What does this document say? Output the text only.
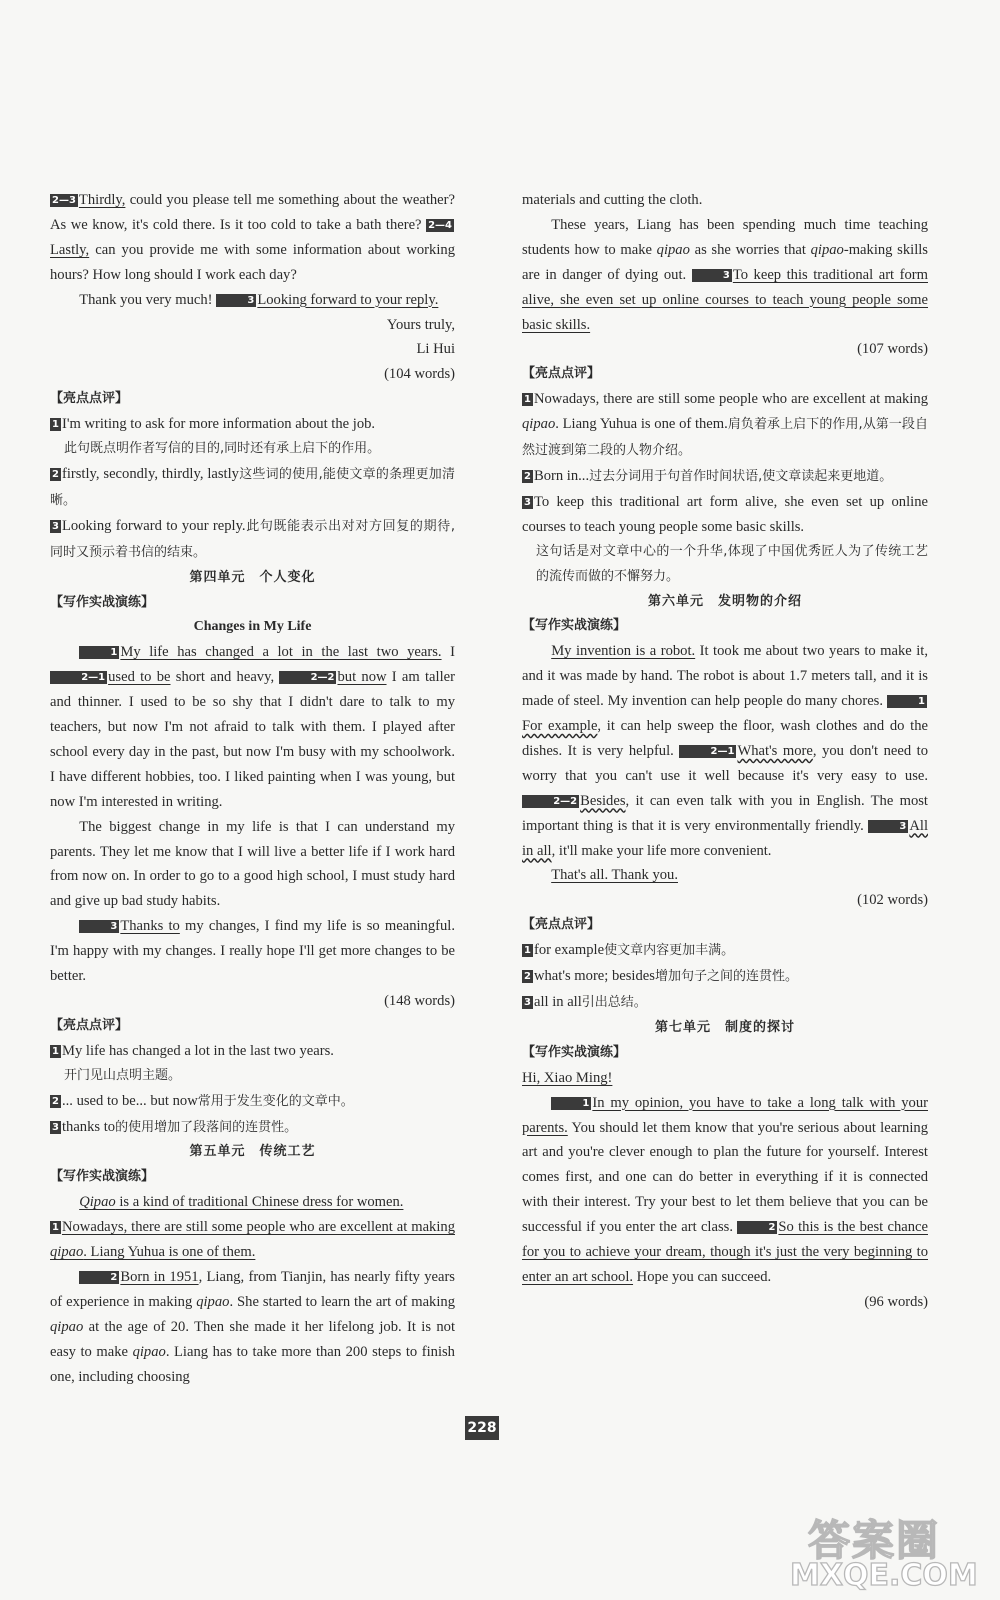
2—3 Thirdly, could you please tell me something about the weather? As we know, it's cold there. Is it too cold to take a bath there? 2—4Lastly, can you provide me with some information about working hours? How long should I work each day?

Thank you very much!	3 Looking forward to your reply.

Yours truly,

Li Hui

(104 words)

【亮点点评】

1 I'm writing to ask for more information about the job.

此句既点明作者写信的目的,同时还有承上启下的作用。

2 firstly, secondly, thirdly, lastly这些词的使用,能使文章的条理更加清晰。

3 Looking forward to your reply.此句既能表示出对对方回复的期待,同时又预示着书信的结束。

第四单元　个人变化

【写作实战演练】

Changes in My Life

1 My life has changed a lot in the last two years. I 2—1 used to be short and heavy,	2—2 but now I am taller and thinner. I used to be so shy that I didn't dare to talk to my teachers, but now I'm not afraid to talk with them. I played after school every day in the past, but now I'm busy with my schoolwork. I have different hobbies, too. I liked painting when I was young, but now I'm interested in writing.

The biggest change in my life is that I can understand my parents. They let me know that I will live a better life if I work hard from now on. In order to go to a good high school, I must study hard and give up bad study habits.

3 Thanks to my changes, I find my life is so meaningful. I'm happy with my changes. I really hope I'll get more changes to be better.

(148 words)

【亮点点评】

1 My life has changed a lot in the last two years.

开门见山点明主题。

2 ... used to be... but now常用于发生变化的文章中。

3 thanks to的使用增加了段落间的连贯性。

第五单元　传统工艺

【写作实战演练】

Qipao is a kind of traditional Chinese dress for women.

1 Nowadays, there are still some people who are excellent at making qipao. Liang Yuhua is one of them.

2 Born in 1951, Liang, from Tianjin, has nearly fifty years of experience in making qipao. She started to learn the art of making qipao at the age of 20. Then she made it her lifelong job. It is not easy to make qipao. Liang has to take more than 200 steps to finish one, including choosing

materials and cutting the cloth.

These years, Liang has been spending much time teaching students how to make qipao as she worries that qipao-making skills are in danger of dying out.	3 To keep this traditional art form alive, she even set up online courses to teach young people some basic skills.

(107 words)

【亮点点评】

1 Nowadays, there are still some people who are excellent at making qipao. Liang Yuhua is one of them.肩负着承上启下的作用,从第一段自然过渡到第二段的人物介绍。

2 Born in...过去分词用于句首作时间状语,使文章读起来更地道。

3 To keep this traditional art form alive, she even set up online courses to teach young people some basic skills.

这句话是对文章中心的一个升华,体现了中国优秀匠人为了传统工艺的流传而做的不懈努力。

第六单元　发明物的介绍

【写作实战演练】

My invention is a robot. It took me about two years to make it, and it was made by hand. The robot is about 1.7 meters tall, and it is made of steel. My invention can help people do many chores.	1For example, it can help sweep the floor, wash clothes and do the dishes. It is very helpful.	2—1 What's more, you don't need to worry that you can't use it well because it's very easy to use. 2—2 Besides, it can even talk with you in English. The most important thing is that it is very environmentally friendly.	3 All in all, it'll make your life more convenient.

That's all. Thank you.

(102 words)

【亮点点评】

1 for example使文章内容更加丰满。

2 what's more; besides增加句子之间的连贯性。

3 all in all引出总结。

第七单元　制度的探讨

【写作实战演练】

Hi, Xiao Ming!

1 In my opinion, you have to take a long talk with your parents. You should let them know that you're serious about learning art and you're clever enough to plan the future for yourself. Interest comes first, and one can do better in everything if it is connected with their interest. Try your best to let them believe that you can be successful if you enter the art class.	2 So this is the best chance for you to achieve your dream, though it's just the very beginning to enter an art school. Hope you can succeed.

(96 words)

228
答案圈
MXQE.COM
